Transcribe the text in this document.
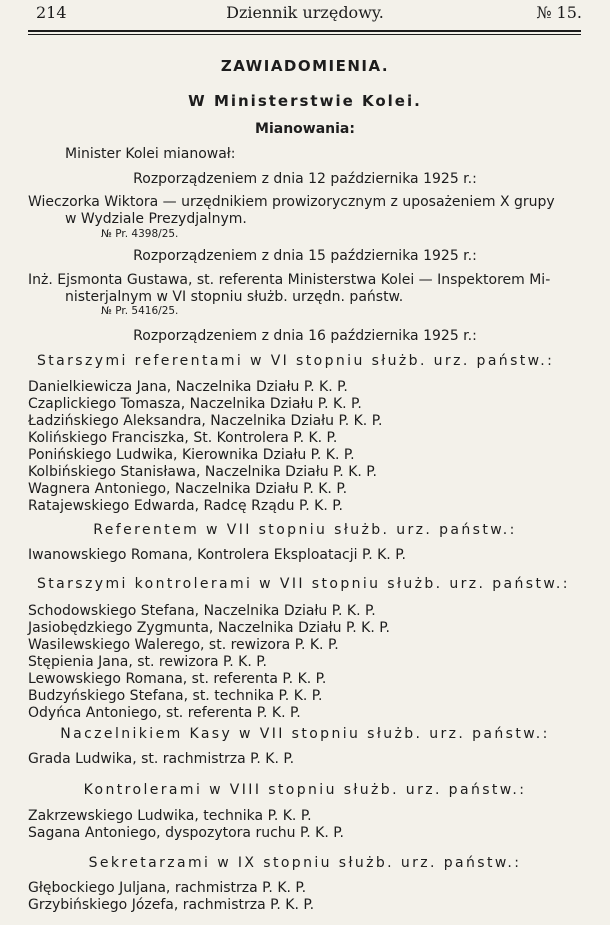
214	Dziennik urzędowy.	№ 15.
ZAWIADOMIENIA.
W Ministerstwie Kolei.
Mianowania:
Minister Kolei mianował:
Rozporządzeniem z dnia 12 października 1925 r.:
Wieczorka Wiktora — urzędnikiem prowizorycznym z uposażeniem X grupy
w Wydziale Prezydjalnym.
№ Pr. 4398/25.
Rozporządzeniem z dnia 15 października 1925 r.:
Inż. Ejsmonta Gustawa, st. referenta Ministerstwa Kolei — Inspektorem Mi-
nisterjalnym w VI stopniu służb. urzędn. państw.
№ Pr. 5416/25.
Rozporządzeniem z dnia 16 października 1925 r.:
Starszymi referentami w VI stopniu służb. urz. państw.:
Danielkiewicza Jana, Naczelnika Działu P. K. P.
Czaplickiego Tomasza, Naczelnika Działu P. K. P.
Ładzińskiego Aleksandra, Naczelnika Działu P. K. P.
Kolińskiego Franciszka, St. Kontrolera P. K. P.
Ponińskiego Ludwika, Kierownika Działu P. K. P.
Kolbińskiego Stanisława, Naczelnika Działu P. K. P.
Wagnera Antoniego, Naczelnika Działu P. K. P.
Ratajewskiego Edwarda, Radcę Rządu P. K. P.
Referentem w VII stopniu służb. urz. państw.:
Iwanowskiego Romana, Kontrolera Eksploatacji P. K. P.
Starszymi kontrolerami w VII stopniu służb. urz. państw.:
Schodowskiego Stefana, Naczelnika Działu P. K. P.
Jasiobędzkiego Zygmunta, Naczelnika Działu P. K. P.
Wasilewskiego Walerego, st. rewizora P. K. P.
Stępienia Jana, st. rewizora P. K. P.
Lewowskiego Romana, st. referenta P. K. P.
Budzyńskiego Stefana, st. technika P. K. P.
Odyńca Antoniego, st. referenta P. K. P.
Naczelnikiem Kasy w VII stopniu służb. urz. państw.:
Grada Ludwika, st. rachmistrza P. K. P.
Kontrolerami w VIII stopniu służb. urz. państw.:
Zakrzewskiego Ludwika, technika P. K. P.
Sagana Antoniego, dyspozytora ruchu P. K. P.
Sekretarzami w IX stopniu służb. urz. państw.:
Głębockiego Juljana, rachmistrza P. K. P.
Grzybińskiego Józefa, rachmistrza P. K. P.
